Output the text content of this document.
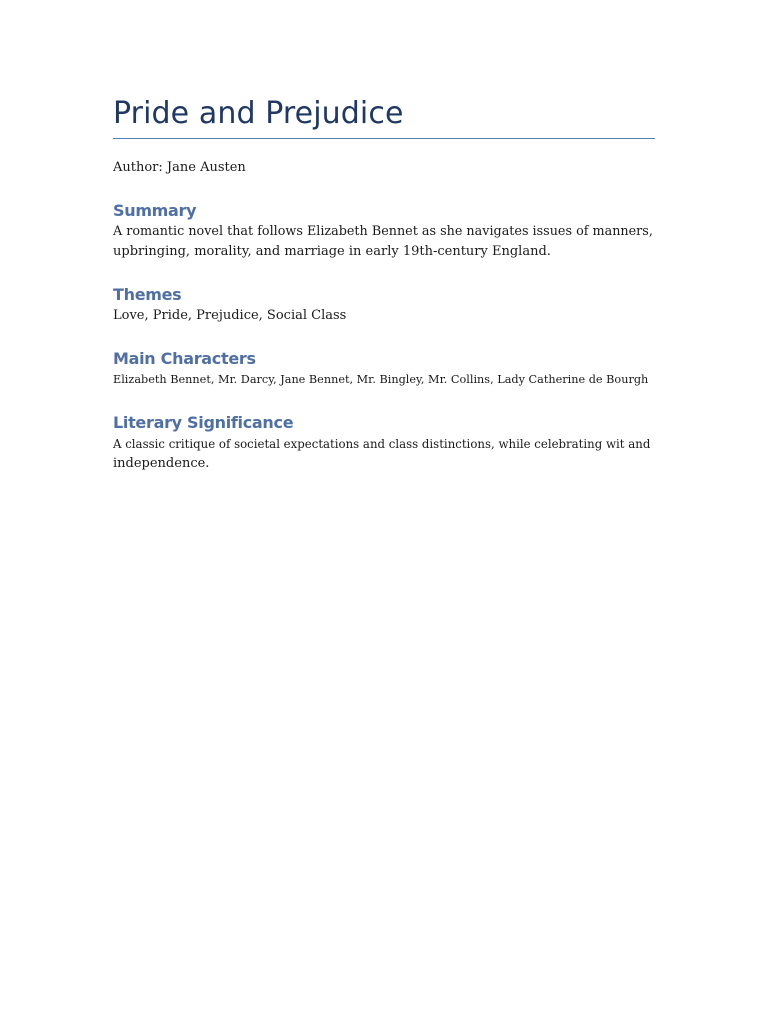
Pride and Prejudice

Author: Jane Austen

Summary

A romantic novel that follows Elizabeth Bennet as she navigates issues of manners,
upbringing, morality, and marriage in early 19th-century England.

Themes

Love, Pride, Prejudice, Social Class

Main Characters

Elizabeth Bennet, Mr. Darcy, Jane Bennet, Mr. Bingley, Mr. Collins, Lady Catherine de Bourgh

Literary Significance

A classic critique of societal expectations and class distinctions, while celebrating wit and
independence.
